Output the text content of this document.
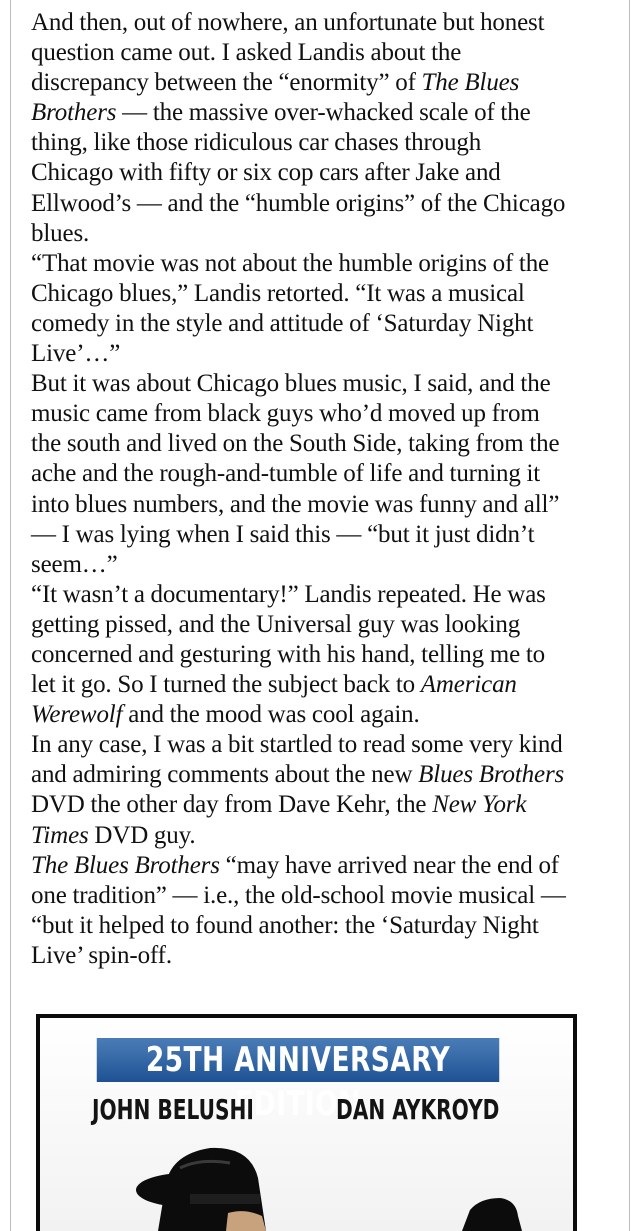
And then, out of nowhere, an unfortunate but honest

question came out. I asked Landis about the

discrepancy between the “enormity” of The Blues

Brothers — the massive over-whacked scale of the

thing, like those ridiculous car chases through

Chicago with fifty or six cop cars after Jake and

Ellwood’s — and the “humble origins” of the Chicago

blues.

“That movie was not about the humble origins of the

Chicago blues,” Landis retorted. “It was a musical

comedy in the style and attitude of ‘Saturday Night

Live’…”

But it was about Chicago blues music, I said, and the

music came from black guys who’d moved up from

the south and lived on the South Side, taking from the

ache and the rough-and-tumble of life and turning it

into blues numbers, and the movie was funny and all”

— I was lying when I said this — “but it just didn’t

seem…”

“It wasn’t a documentary!” Landis repeated. He was

getting pissed, and the Universal guy was looking

concerned and gesturing with his hand, telling me to

let it go. So I turned the subject back to American

Werewolf and the mood was cool again.

In any case, I was a bit startled to read some very kind

and admiring comments about the new Blues Brothers

DVD the other day from Dave Kehr, the New York

Times DVD guy.

The Blues Brothers “may have arrived near the end of

one tradition” — i.e., the old-school movie musical —

“but it helped to found another: the ‘Saturday Night

Live’ spin-off.

25TH ANNIVERSARY EDITION
JOHN BELUSHI	DAN AYKROYD
